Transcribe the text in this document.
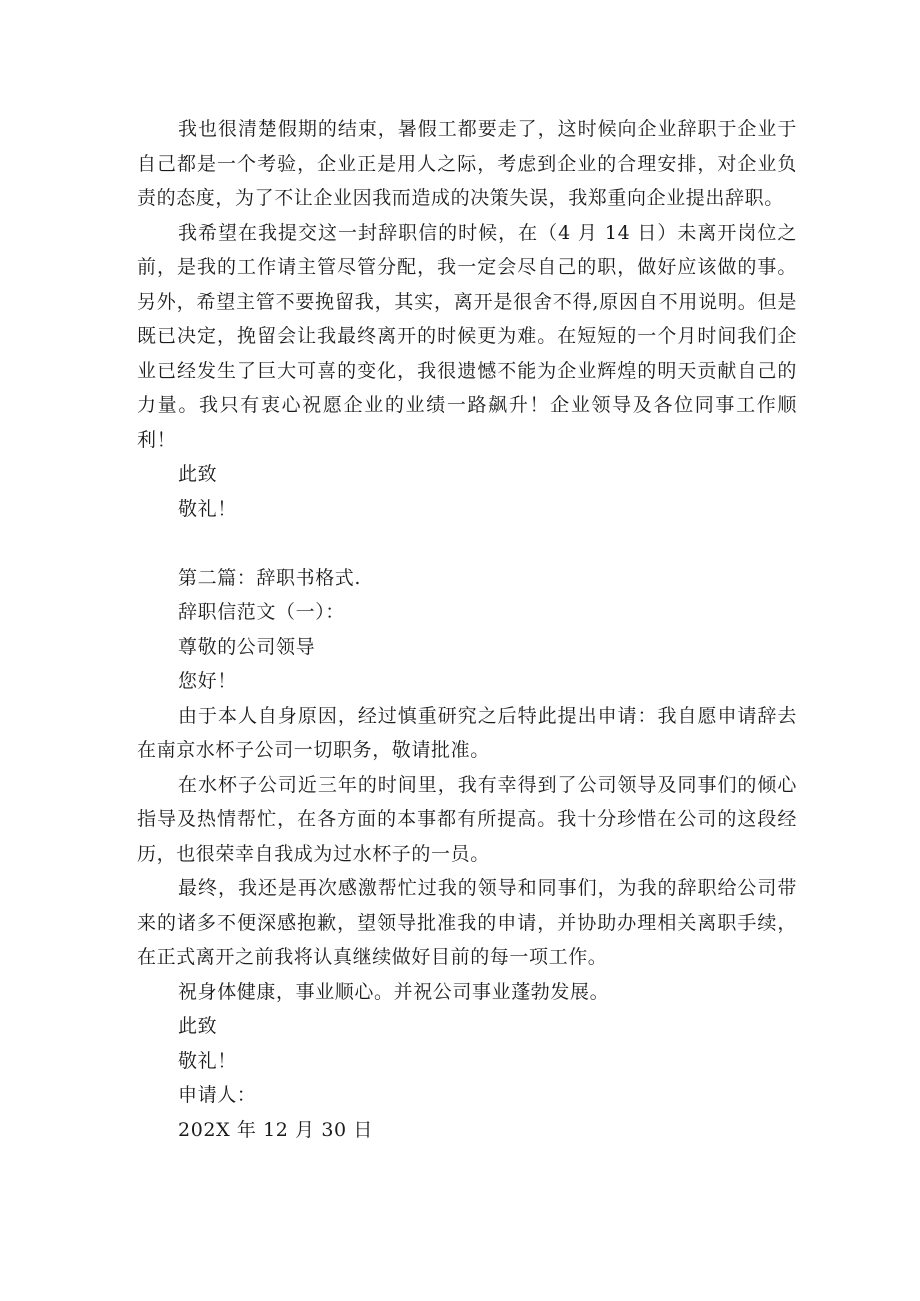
我也很清楚假期的结束，暑假工都要走了，这时候向企业辞职于企业于自己都是一个考验，企业正是用人之际，考虑到企业的合理安排，对企业负责的态度，为了不让企业因我而造成的决策失误，我郑重向企业提出辞职。

我希望在我提交这一封辞职信的时候，在（4 月 14 日）未离开岗位之前，是我的工作请主管尽管分配，我一定会尽自己的职，做好应该做的事。另外，希望主管不要挽留我，其实，离开是很舍不得,原因自不用说明。但是既已决定，挽留会让我最终离开的时候更为难。在短短的一个月时间我们企业已经发生了巨大可喜的变化，我很遗憾不能为企业辉煌的明天贡献自己的力量。我只有衷心祝愿企业的业绩一路飙升！企业领导及各位同事工作顺利！

此致

敬礼！

第二篇：辞职书格式.

辞职信范文（一）：

尊敬的公司领导

您好！

由于本人自身原因，经过慎重研究之后特此提出申请：我自愿申请辞去在南京水杯子公司一切职务，敬请批准。

在水杯子公司近三年的时间里，我有幸得到了公司领导及同事们的倾心指导及热情帮忙，在各方面的本事都有所提高。我十分珍惜在公司的这段经历，也很荣幸自我成为过水杯子的一员。

最终，我还是再次感激帮忙过我的领导和同事们，为我的辞职给公司带来的诸多不便深感抱歉，望领导批准我的申请，并协助办理相关离职手续，在正式离开之前我将认真继续做好目前的每一项工作。

祝身体健康，事业顺心。并祝公司事业蓬勃发展。

此致

敬礼！

申请人：

202X 年 12 月 30 日
